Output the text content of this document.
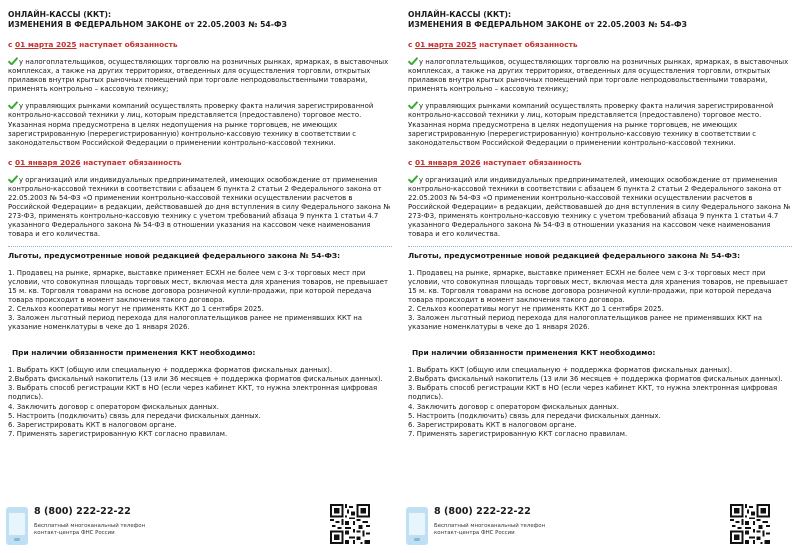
ОНЛАЙН-КАССЫ (ККТ):
ИЗМЕНЕНИЯ В ФЕДЕРАЛЬНОМ ЗАКОНЕ от 22.05.2003 № 54-ФЗ
с 01 марта 2025 наступает обязанность
у налогоплательщиков, осуществляющих торговлю на розничных рынках, ярмарках, в выставочных комплексах, а также на других территориях, отведенных для осуществления торговли, открытых прилавков внутри крытых рыночных помещений при торговле непродовольственными товарами, применять контрольно – кассовую технику;
у управляющих рынками компаний осуществлять проверку факта наличия зарегистрированной контрольно-кассовой техники у лиц, которым представляется (предоставлено) торговое место. Указанная норма предусмотрена в целях недопущения на рынке торговцев, не имеющих зарегистрированную (перерегистрированную) контрольно-кассовую технику в соответствии с законодательством Российской Федерации о применении контрольно-кассовой техники.
с 01 января 2026 наступает обязанность
у организаций или индивидуальных предпринимателей, имеющих освобождение от применения контрольно-кассовой техники в соответствии с абзацем 6 пункта 2 статьи 2 Федерального закона от 22.05.2003 № 54-ФЗ «О применении контрольно-кассовой техники осуществлении расчетов в Российской Федерации» в редакции, действовавшей до дня вступления в силу Федерального закона № 273-ФЗ, применять контрольно-кассовую технику с учетом требований абзаца 9 пункта 1 статьи 4.7 указанного Федерального закона № 54-ФЗ в отношении указания на кассовом чеке наименования товара и его количества.
Льготы, предусмотренные новой редакцией федерального закона № 54-ФЗ:
1. Продавец на рынке, ярмарке, выставке применяет ЕСХН не более чем с 3-х торговых мест при условии, что совокупная площадь торговых мест, включая места для хранения товаров, не превышает 15 м. кв. Торговля товарами на основе договора розничной купли-продажи, при которой передача товара происходит в момент заключения такого договора.
2. Сельхоз кооперативы могут не применять ККТ до 1 сентября 2025.
3. Заложен льготный период перехода для налогоплательщиков ранее не применявших ККТ на указание номенклатуры в чеке до 1 января 2026.
При наличии обязанности применения ККТ необходимо:
1. Выбрать ККТ (общую или специальную + поддержка форматов фискальных данных).
2.Выбрать фискальный накопитель (13 или 36 месяцев + поддержка форматов фискальных данных).
3. Выбрать способ регистрации ККТ в НО (если через кабинет ККТ, то нужна электронная цифровая подпись).
4. Заключить договор с оператором фискальных данных.
5. Настроить (подключить) связь для передачи фискальных данных.
6. Зарегистрировать ККТ в налоговом органе.
7. Применять зарегистрированную ККТ согласно правилам.
8 (800) 222-22-22
Бесплатный многоканальный телефон
контакт-центра ФНС России
ОНЛАЙН-КАССЫ (ККТ):
ИЗМЕНЕНИЯ В ФЕДЕРАЛЬНОМ ЗАКОНЕ от 22.05.2003 № 54-ФЗ
с 01 марта 2025 наступает обязанность
у налогоплательщиков, осуществляющих торговлю на розничных рынках, ярмарках, в выставочных комплексах, а также на других территориях, отведенных для осуществления торговли, открытых прилавков внутри крытых рыночных помещений при торговле непродовольственными товарами, применять контрольно – кассовую технику;
у управляющих рынками компаний осуществлять проверку факта наличия зарегистрированной контрольно-кассовой техники у лиц, которым представляется (предоставлено) торговое место. Указанная норма предусмотрена в целях недопущения на рынке торговцев, не имеющих зарегистрированную (перерегистрированную) контрольно-кассовую технику в соответствии с законодательством Российской Федерации о применении контрольно-кассовой техники.
с 01 января 2026 наступает обязанность
у организаций или индивидуальных предпринимателей, имеющих освобождение от применения контрольно-кассовой техники в соответствии с абзацем 6 пункта 2 статьи 2 Федерального закона от 22.05.2003 № 54-ФЗ «О применении контрольно-кассовой техники осуществлении расчетов в Российской Федерации» в редакции, действовавшей до дня вступления в силу Федерального закона № 273-ФЗ, применять контрольно-кассовую технику с учетом требований абзаца 9 пункта 1 статьи 4.7 указанного Федерального закона № 54-ФЗ в отношении указания на кассовом чеке наименования товара и его количества.
Льготы, предусмотренные новой редакцией федерального закона № 54-ФЗ:
1. Продавец на рынке, ярмарке, выставке применяет ЕСХН не более чем с 3-х торговых мест при условии, что совокупная площадь торговых мест, включая места для хранения товаров, не превышает 15 м. кв. Торговля товарами на основе договора розничной купли-продажи, при которой передача товара происходит в момент заключения такого договора.
2. Сельхоз кооперативы могут не применять ККТ до 1 сентября 2025.
3. Заложен льготный период перехода для налогоплательщиков ранее не применявших ККТ на указание номенклатуры в чеке до 1 января 2026.
При наличии обязанности применения ККТ необходимо:
1. Выбрать ККТ (общую или специальную + поддержка форматов фискальных данных).
2.Выбрать фискальный накопитель (13 или 36 месяцев + поддержка форматов фискальных данных).
3. Выбрать способ регистрации ККТ в НО (если через кабинет ККТ, то нужна электронная цифровая подпись).
4. Заключить договор с оператором фискальных данных.
5. Настроить (подключить) связь для передачи фискальных данных.
6. Зарегистрировать ККТ в налоговом органе.
7. Применять зарегистрированную ККТ согласно правилам.
8 (800) 222-22-22
Бесплатный многоканальный телефон
контакт-центра ФНС России
